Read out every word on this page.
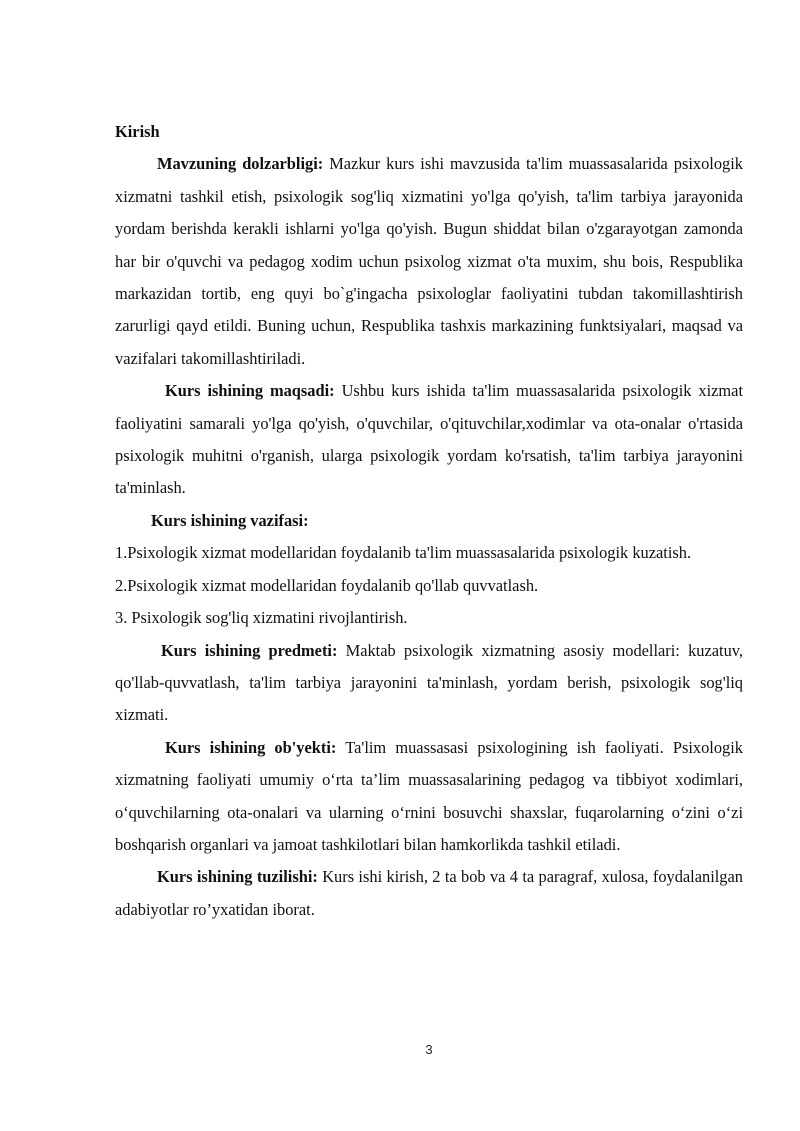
Kirish

Mavzuning dolzarbligi: Mazkur kurs ishi mavzusida ta'lim muassasalarida psixologik xizmatni tashkil etish, psixologik sog'liq xizmatini yo'lga qo'yish, ta'lim tarbiya jarayonida yordam berishda kerakli ishlarni yo'lga qo'yish. Bugun shiddat bilan o'zgarayotgan zamonda har bir o'quvchi va pedagog xodim uchun psixolog xizmat o'ta muxim, shu bois, Respublika markazidan tortib, eng quyi bo`g'ingacha psixologlar faoliyatini tubdan takomillashtirish zarurligi qayd etildi. Buning uchun, Respublika tashxis markazining funktsiyalari, maqsad va vazifalari takomillashtiriladi.

Kurs ishining maqsadi: Ushbu kurs ishida ta'lim muassasalarida psixologik xizmat faoliyatini samarali yo'lga qo'yish, o'quvchilar, o'qituvchilar,xodimlar va ota-onalar o'rtasida psixologik muhitni o'rganish, ularga psixologik yordam ko'rsatish, ta'lim tarbiya jarayonini ta'minlash.

Kurs ishining vazifasi:

1.Psixologik xizmat modellaridan foydalanib ta'lim muassasalarida psixologik kuzatish.

2.Psixologik xizmat modellaridan foydalanib qo'llab quvvatlash.

3. Psixologik sog'liq xizmatini rivojlantirish.

Kurs ishining predmeti: Maktab psixologik xizmatning asosiy modellari: kuzatuv, qo'llab-quvvatlash, ta'lim tarbiya jarayonini ta'minlash, yordam berish, psixologik sog'liq xizmati.

Kurs ishining ob'yekti: Ta'lim muassasasi psixologining ish faoliyati. Psixologik xizmatning faoliyati umumiy o‘rta ta’lim muassasalarining pedagog va tibbiyot xodimlari, o‘quvchilarning ota-onalari va ularning o‘rnini bosuvchi shaxslar, fuqarolarning o‘zini o‘zi boshqarish organlari va jamoat tashkilotlari bilan hamkorlikda tashkil etiladi.

Kurs ishining tuzilishi: Kurs ishi kirish, 2 ta bob va 4 ta paragraf, xulosa, foydalanilgan adabiyotlar ro’yxatidan iborat.

3
